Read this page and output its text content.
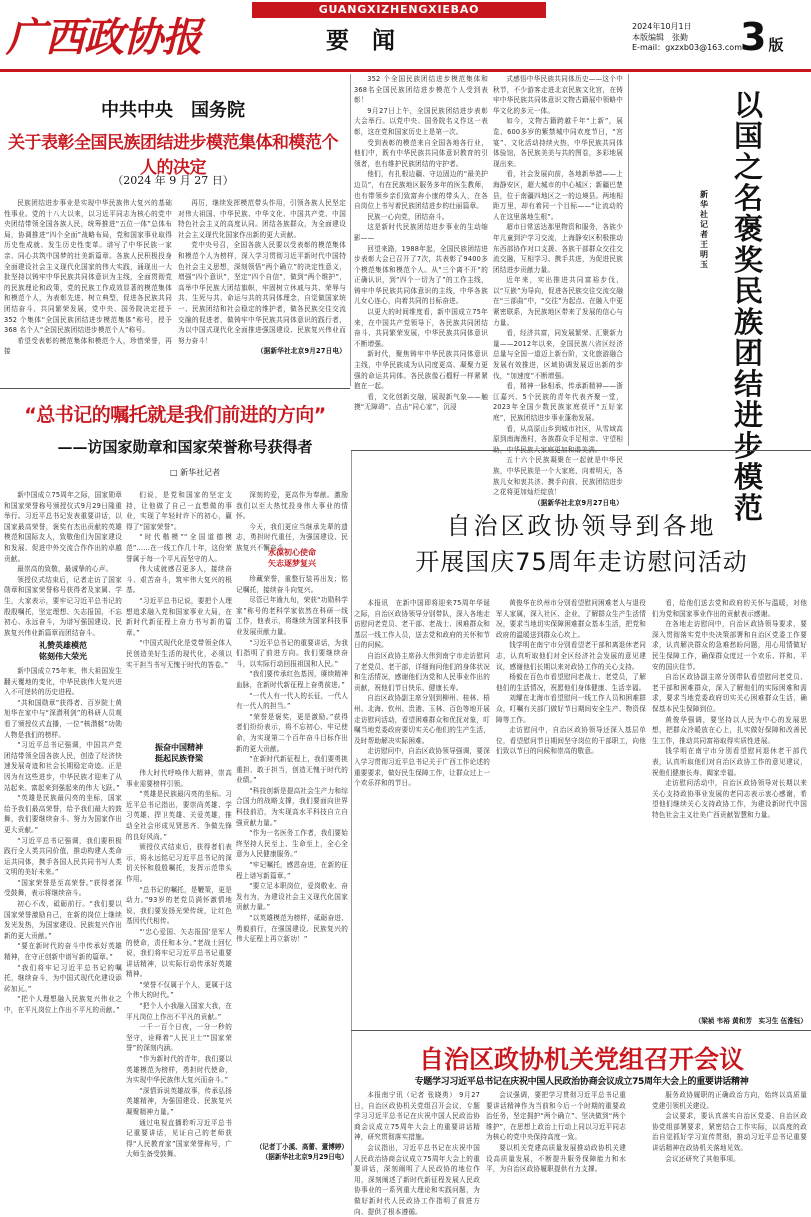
广西政协报
GUANGXIZHENGXIEBAO
要　闻
2024年10月1日
本版编辑　张勤
E-mail：gxzxb03@163.com
3 版
中共中央　国务院
关于表彰全国民族团结进步模范集体和模范个人的决定
（2024 年 9 月 27 日）

民族团结进步事业是实现中华民族伟大复兴的基础性事业。党的十八大以来，以习近平同志为核心的党中央团结带领全国各族人民，统筹推进“五位一体”总体布局，协调推进“四个全面”战略布局，党和国家事业取得历史性成就、发生历史性变革。谱写了中华民族一家亲、同心共筑中国梦的壮美新篇章。各族人民积极投身全面建设社会主义现代化国家的伟大实践，涌现出一大批坚持以铸牢中华民族共同体意识为主线，全面贯彻党的民族理论和政策，党的民族工作成效显著的模范集体和模范个人，为表彰先进、树立典型，促进各民族共同团结奋斗、共同繁荣发展，党中央、国务院决定授予 352 个集体“全国民族团结进步模范集体”称号，授予 368 名个人“全国民族团结进步模范个人”称号。

希望受表彰的模范集体和模范个人，珍惜荣誉，再接

再厉，继续发挥模范带头作用，引领各族人民坚定对伟大祖国、中华民族、中华文化、中国共产党、中国特色社会主义的高度认同。团结各族群众，为全面建设社会主义现代化国家作出新的更大贡献。

党中央号召，全国各族人民要以受表彰的模范集体和模范个人为榜样，深入学习贯彻习近平新时代中国特色社会主义思想，深刻领悟“两个确立”的决定性意义，增强“四个意识”，坚定“四个自信”，做到“两个维护”，高举中华民族大团结旗帜，牢固树立休戚与共、荣辱与共、生死与共、命运与共的共同体理念，自觉做国家统一、民族团结和社会稳定的维护者，做各民族交往交流交融的促进者，做铸牢中华民族共同体意识的践行者，为以中国式现代化全面推进强国建设、民族复兴伟业而努力奋斗！

（据新华社北京9月27日电）

352 个全国民族团结进步模范集体和368名全国民族团结进步模范个人受到表彰！

9月27日上午，全国民族团结进步表彰大会举行。以党中央、国务院名义作这一表彰，这在党和国家历史上是第一次。

受到表彰的模范来自全国各地各行业，他们中，既有中华民族共同体意识教育的引领者，也有维护民族团结的守护者。

他们，有扎根边疆、守边固边的“最美护边员”，有在民族地区服务多年的医生教师，也有带领乡亲们致富奔小康的带头人，在各自岗位上书写着民族团结进步的壮丽篇章。

民族一心向党，团结奋斗。

这是新时代民族团结进步事业的生动缩影——

回望来路，1988年起，全国民族团结进步表彰大会已召开了7次，共表彰了9400多个模范集体和模范个人。从“三个离不开”的正确认识，到“四个一切为了”的工作主线，铸牢中华民族共同体意识的主线，中华各族儿女心连心，向着共同的目标奋进。

以更大的时间维度看，新中国成立75年来，在中国共产党领导下，各民族共同团结奋斗、共同繁荣发展，中华民族共同体意识不断增强。

新时代，聚焦铸牢中华民族共同体意识主线，中华民族成为认同度更高、凝聚力更强的命运共同体。各民族像石榴籽一样紧紧抱在一起。

看，文化创新交融，展现新气象——触摸“无障碍”、点击“同心家”，沉浸

式感悟中华民族共同体历史——这个中秋节，不少游客走进北京民族文化宫，在铸牢中华民族共同体意识文物古籍展中领略中华文化的多元一体。

如今，文物古籍跨越千年“上新”，展览、600多岁的紫禁城中同欢度节日，“宫宴”、文化活动持续火热，中华民族共同体体验馆，各民族美美与共的图卷，多彩地展现出来。

看，社会发展向前，各地新举措——上海静安区，超大城市的中心城区；新疆巴楚县，位于南疆四地区之一的边境县。两地相距万里，却有着同一个目标——“让流动的人在这里落地生根”。

超市日常送达那里物资和服务，各族少年儿童到沪学习交流，上海静安区积极推动东西部协作对口支援、各族干部群众交往交流交融，互相学习、携手共进，为促进民族团结进步贡献力量。

近年来，实出推进共同富裕步伐，以“互嵌”为导向，促进各民族交往交流交融在“三部曲”中，“交往”为起点、在融入中更紧密联系，为民族地区带来了发展的信心与力量。

看，经济共富，同发展繁荣、汇聚新力量——2012年以来，全国民族八省区经济总量与全国一道迈上新台阶，文化旅游融合发展有效推进，区域协调发展迈出新的步伐，“加速度”不断增强。

看，精神一脉相承，传承新精神——浙江嘉兴、5个民族的青年代表齐聚一堂，2023年全国少数民族家庭获评“五好家庭”，民族团结进步事业蓬勃发展。

看，从高原山乡到城市社区，从雪域高原到南海渔村，各族群众手足相亲、守望相助，中华民族大家庭更加和谐美满。

五十六个民族凝聚在一起就是中华民族，中华民族是一个大家庭，向着明天，各族儿女和衷共济、携手向前，民族团结进步之花将更加灿烂绽放！

（据新华社北京9月27日电）

以国之名褒奖民族团结进步模范
新华社记者　王明玉
“总书记的嘱托就是我们前进的方向”
——访国家勋章和国家荣誉称号获得者
□ 新华社记者

新中国成立75周年之际，国家勋章和国家荣誉称号颁授仪式9月29日隆重举行。习近平总书记发表重要讲话，以国家最高荣誉，褒奖有杰出贡献的英雄模范和国际友人，致敬他们为国家建设和发展、促进中外交流合作作出的卓越贡献。

最崇高的致敬，最诚挚的心声。

领授仪式结束后，记者走访了国家勋章和国家荣誉称号获得者及家属、学生，大家表示，要牢记习近平总书记的殷殷嘱托，坚定理想、矢志报国，不忘初心、永远奋斗，为谱写强国建设、民族复兴伟业新篇章而团结奋斗。

礼赞英雄模范
铭刻伟大荣光

新中国成立75年来，伟大祖国发生翻天覆地的变化，中华民族伟大复兴进入不可逆转的历史进程。

“共和国勋章”获得者、百岁院士黄旭华在家中与“深潜利剑”的科研人员观看了颁授仪式直播，一位“核潜艇”功勋人物是我们的榜样。

“习近平总书记强调，中国共产党团结带领全国各族人民，创造了经济快速发展奇迹和社会长期稳定奇迹。正是因为有这些进步，中华民族才迎来了从站起来、富起来到强起来的伟大飞跃。”

“英雄是民族最闪亮的坐标，国家给予我们最高荣誉，给予我们最大的鼓舞，我们要继续奋斗、努力为国家作出更大贡献。”

“习近平总书记强调，我们要积极践行全人类共同价值，推动构建人类命运共同体，携手各国人民共同书写人类文明的美好未来。”

“国家荣誉是至高荣誉。”获得者深受鼓舞，表示将继续奋斗。

初心不改，砥砺前行。“我们要以国家荣誉激励自己，在新的岗位上继续发光发热，为国家建设、民族复兴作出新的更大贡献。”

“要在新时代的奋斗中传承好英雄精神，在守正创新中谱写新的篇章。”

“我们将牢记习近平总书记的嘱托，继续奋斗，为中国式现代化建设添砖加瓦。”

“把个人理想融入民族复兴伟业之中，在平凡岗位上作出不平凡的贡献。”

们说，是党和国家的坚定支持，让他做了自己一直想做的事业，实现了年轻时许下的初心，赢得了“国家荣誉”。

“时代楷模”“全国道德模范”……在一线工作几十年，这份荣誉属于每一个平凡而坚守的人。

伟大成就感召更多人，接续奋斗、艰苦奋斗，筑牢伟大复兴的根基。

“习近平总书记说，要把个人理想追求融入党和国家事业大局，在新时代新征程上奋力书写新的篇章。”

“中国式现代化是党带领全体人民创造美好生活的现代化，必须以实干担当书写无愧于时代的答卷。”

振奋中国精神
挺起民族脊梁

伟大时代呼唤伟大精神，崇高事业需要榜样引领。

“英雄是民族最闪亮的坐标。习近平总书记指出，要崇尚英雄、学习英雄、捍卫英雄、关爱英雄，推动全社会形成见贤思齐、争做先锋的良好风尚。”

颁授仪式结束后，获得者们表示，将永远铭记习近平总书记的深切关怀和殷殷嘱托，发挥示范带头作用。

“总书记的嘱托，是鞭策，更是动力。”93岁的老党员满怀激情地说，我们要发扬光荣传统，让红色基因代代相传。

“‘忠心爱国、矢志报国’是军人的使命，责任和本分。”老战士回忆说，我们将牢记习近平总书记重要讲话精神，以实际行动传承好英雄精神。

“荣誉不仅属于个人，更属于这个伟大的时代。”

“把个人小我融入国家大我，在平凡岗位上作出不平凡的贡献。”

一千一百个日夜，一分一秒的坚守，诠释着“人民卫士”“国家荣誉”的深刻内涵。

“作为新时代的青年，我们要以英雄模范为榜样，勇担时代使命，为实现中华民族伟大复兴而奋斗。”

“深情诉说英雄故事，传承弘扬英雄精神，为强国建设、民族复兴凝聚精神力量。”

通过电视直播聆听习近平总书记重要讲话，见证自己的老师获得“人民教育家”国家荣誉称号，广大师生备受鼓舞。

深刻的爱，更高作为奉献。激励我们以至大热忱投身伟大事业的情怀。

今天，我们更应当继承先辈的遗志，勇担时代重任，为强国建设、民族复兴不懈奋斗。

永葆初心使命
矢志逐梦复兴

珍藏荣誉，重整行装再出发；铭记嘱托，接续奋斗向复兴。

尽管已年逾九旬，荣获“功勋科学家”称号的老科学家依然在科研一线工作，他表示，将继续为国家科技事业发展贡献力量。

“习近平总书记的重要讲话，为我们指明了前进方向。我们要继续奋斗，以实际行动回报祖国和人民。”

“我们要传承红色基因，赓续精神血脉，在新时代新征程上奋勇前进。”

“一代人有一代人的长征，一代人有一代人的担当。”

“荣誉是褒奖，更是激励。”获得者们纷纷表示，将不忘初心、牢记使命，为实现第二个百年奋斗目标作出新的更大贡献。

“在新时代新征程上，我们要勇挑重担、敢于担当，创造无愧于时代的业绩。”

“科技创新是提高社会生产力和综合国力的战略支撑，我们要面向世界科技前沿，为实现高水平科技自立自强贡献力量。”

“作为一名医务工作者，我们要始终坚持人民至上、生命至上，全心全意为人民健康服务。”

“牢记嘱托，感恩奋进，在新的征程上谱写新篇章。”

“要立足本职岗位，爱岗敬业、奋发有为，为建设社会主义现代化国家贡献力量。”

“以英雄模范为榜样，砥砺奋进、勇毅前行，在强国建设、民族复兴的伟大征程上再立新功！”

（记者丁小溪、高蕾、董博婷）
（据新华社北京9月29日电）
自治区政协领导到各地
开展国庆75周年走访慰问活动

本报讯　在新中国即将迎来75周年华诞之际，自治区政协领导分别带队，深入各地走访慰问老党员、老干部、老战士、困难群众和基层一线工作人员，送去党和政府的关怀和节日的问候。

自治区政协主席孙大伟到南宁市走访慰问了老党员、老干部，详细询问他们的身体状况和生活情况，感谢他们为党和人民事业作出的贡献，祝他们节日快乐、健康长寿。

自治区政协副主席分别到柳州、桂林、梧州、北海、钦州、贵港、玉林、百色等地开展走访慰问活动，看望困难群众和优抚对象，叮嘱当地党委政府要切实关心他们的生产生活，及时帮助解决实际困难。

走访慰问中，自治区政协领导强调，要深入学习贯彻习近平总书记关于广西工作论述的重要要求，做好民生保障工作，让群众过上一个欢乐祥和的节日。

黄俊华在玖州市分别看望慰问困难老人与退役军人家属，深入社区、企业，了解群众生产生活情况，要求当地切实保障困难群众基本生活，把党和政府的温暖送到群众心坎上。

钱学明在南宁市分别看望老干部和离退休老同志，认真听取他们对全区经济社会发展的意见建议，感谢他们长期以来对政协工作的关心支持。

杨毅在百色市看望慰问老战士、老党员，了解他们的生活情况，祝愿他们身体健康、生活幸福。

刘耀在北海市看望慰问一线工作人员和困难群众，叮嘱有关部门做好节日期间安全生产、物资保障等工作。

走访慰问中，自治区政协领导还深入基层单位，看望慰问节日期间坚守岗位的干部职工，向他们致以节日的问候和崇高的敬意。

看，给他们送去党和政府的关怀与温暖，对他们为党和国家事业作出的贡献表示感谢。

在各地走访慰问中，自治区政协领导要求，要深入贯彻落实党中央决策部署和自治区党委工作要求，认真解决群众的急难愁盼问题，用心用情做好民生保障工作，确保群众度过一个欢乐、祥和、平安的国庆佳节。

自治区政协副主席分别带队看望慰问老党员、老干部和困难群众，深入了解他们的实际困难和需求，要求当地党委政府切实关心困难群众生活，确保基本民生保障到位。

黄俊华强调，要坚持以人民为中心的发展思想，把群众冷暖放在心上，扎实做好保障和改善民生工作，推动共同富裕取得实质性进展。

钱学明在南宁市分别看望慰问退休老干部代表，认真听取他们对自治区政协工作的意见建议，祝他们健康长寿、阖家幸福。

走访慰问活动中，自治区政协领导对长期以来关心支持政协事业发展的老同志表示衷心感谢，希望他们继续关心支持政协工作，为建设新时代中国特色社会主义壮美广西贡献智慧和力量。

（梁祯 韦裕 黄和芳　实习生 伍淮钰）
自治区政协机关党组召开会议
专题学习习近平总书记在庆祝中国人民政治协商会议成立75周年大会上的重要讲话精神

本报南宁讯（记者 张晓勇） 9月27日，自治区政协机关党组召开会议，专题学习习近平总书记在庆祝中国人民政治协商会议成立75周年大会上的重要讲话精神，研究贯彻落实措施。

会议指出，习近平总书记在庆祝中国人民政治协商会议成立75周年大会上的重要讲话，深刻阐明了人民政协的地位作用，深刻阐述了新时代新征程发展人民政协事业的一系列重大理论和实践问题，为做好新时代人民政协工作指明了前进方向、提供了根本遵循。

会议强调，要把学习贯彻习近平总书记重要讲话精神作为当前和今后一个时期的重要政治任务，坚定拥护“两个确立”、坚决做到“两个维护”，在思想上政治上行动上同以习近平同志为核心的党中央保持高度一致。

要以机关党建高质量发展推动政协机关建设高质量发展，不断提升服务保障能力和水平，为自治区政协履职提供有力支撑。

服务政协履职的正确政治方向，始终以高质量党建引领机关建设。

会议要求，要认真落实自治区党委、自治区政协党组部署要求，紧密结合工作实际，以高度的政治自觉抓好学习宣传贯彻，推动习近平总书记重要讲话精神在政协机关落地见效。

会议还研究了其他事项。
